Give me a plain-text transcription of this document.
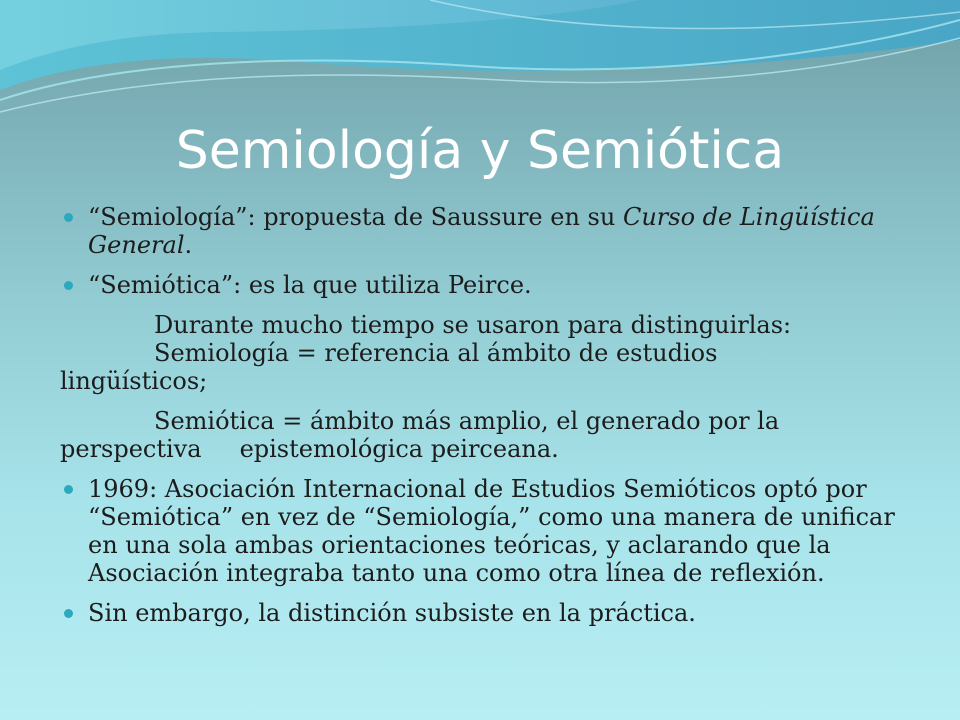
Semiología y Semiótica
“Semiología”: propuesta de Saussure en su Curso de Lingüística General.
“Semiótica”: es la que utiliza Peirce.
Durante mucho tiempo se usaron para distinguirlas:
Semiología = referencia al ámbito de estudios
lingüísticos;
Semiótica = ámbito más amplio, el generado por la
perspectiva epistemológica peirceana.
1969: Asociación Internacional de Estudios Semióticos optó por “Semiótica” en vez de “Semiología,” como una manera de unificar en una sola ambas orientaciones teóricas, y aclarando que la Asociación integraba tanto una como otra línea de reflexión.
Sin embargo, la distinción subsiste en la práctica.
